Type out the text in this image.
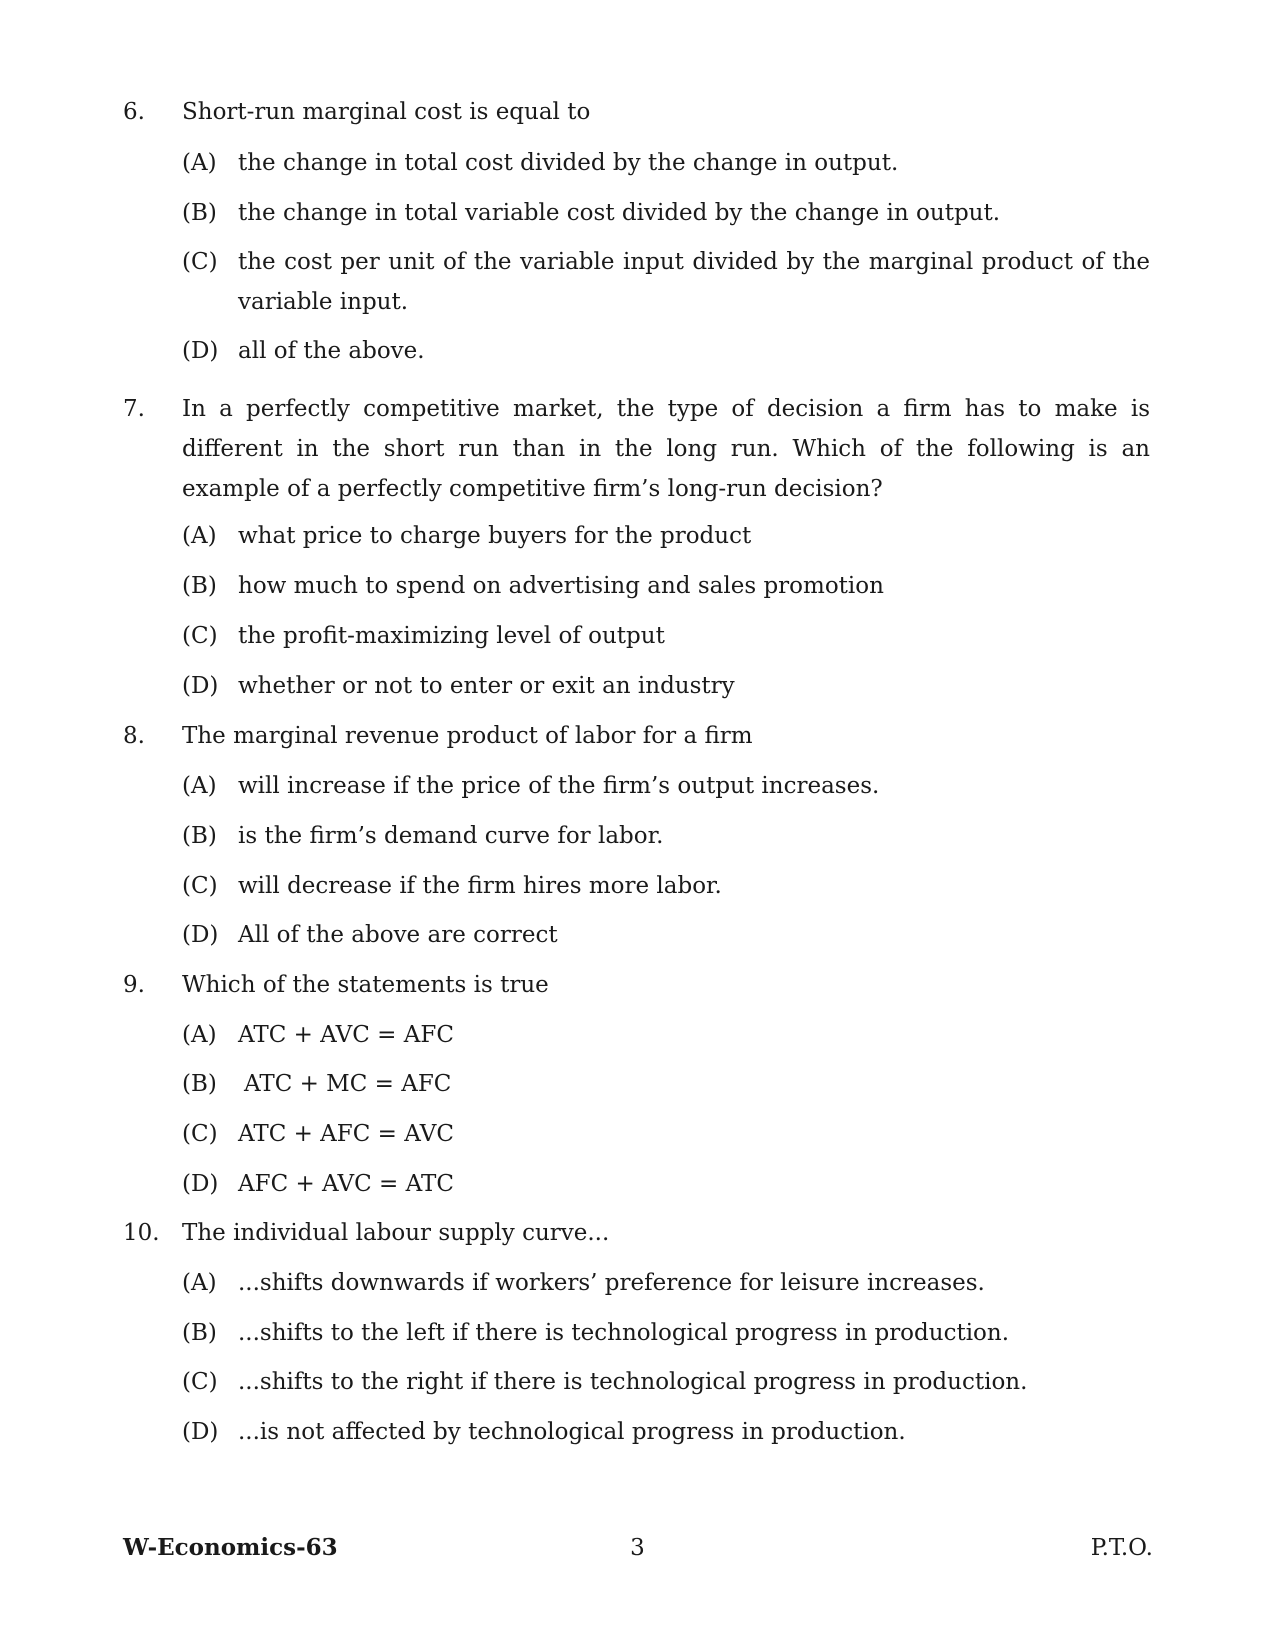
6. Short-run marginal cost is equal to
(A) the change in total cost divided by the change in output.
(B) the change in total variable cost divided by the change in output.
(C) the cost per unit of the variable input divided by the marginal product of the variable input.
(D) all of the above.
7. In a perfectly competitive market, the type of decision a firm has to make is different in the short run than in the long run. Which of the following is an example of a perfectly competitive firm’s long-run decision?
(A) what price to charge buyers for the product
(B) how much to spend on advertising and sales promotion
(C) the profit-maximizing level of output
(D) whether or not to enter or exit an industry
8. The marginal revenue product of labor for a firm
(A) will increase if the price of the firm’s output increases.
(B) is the firm’s demand curve for labor.
(C) will decrease if the firm hires more labor.
(D) All of the above are correct
9. Which of the statements is true
(A) ATC + AVC = AFC
(B) ATC + MC = AFC
(C) ATC + AFC = AVC
(D) AFC + AVC = ATC
10. The individual labour supply curve...
(A) ...shifts downwards if workers’ preference for leisure increases.
(B) ...shifts to the left if there is technological progress in production.
(C) ...shifts to the right if there is technological progress in production.
(D) ...is not affected by technological progress in production.
W-Economics-63	3	P.T.O.
